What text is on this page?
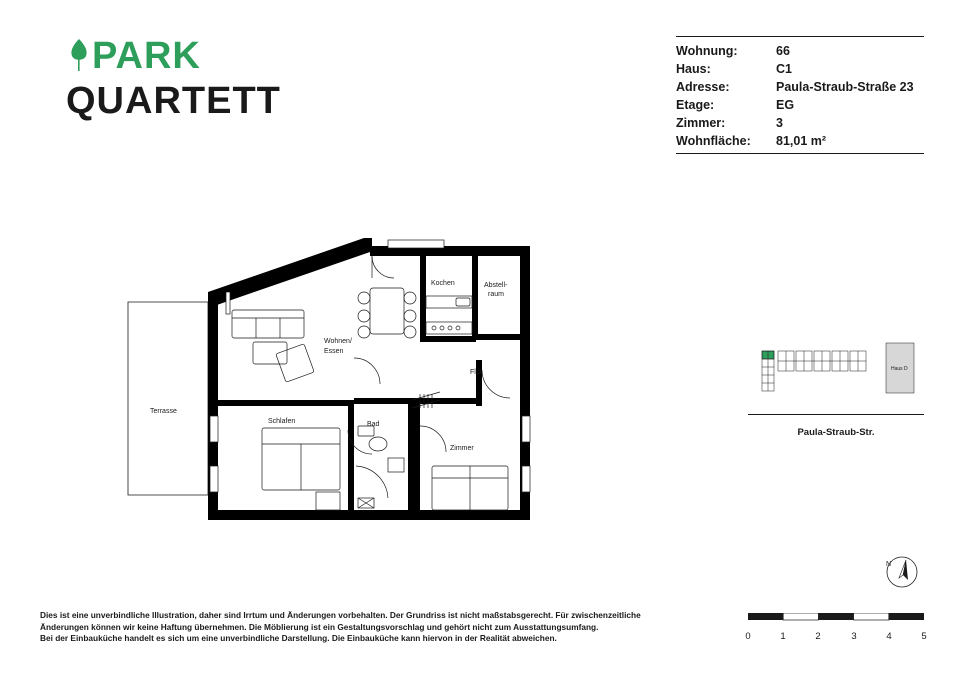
PARK
QUARTETT
Wohnung:	66
Haus:	C1
Adresse:	Paula-Straub-Straße 23
Etage:	EG
Zimmer:	3
Wohnfläche:	81,01 m²
Terrasse
Wohnen/
Essen
Kochen	Abstell-
raum
Flur
Schlafen	Bad
Zimmer
Haus D
Paula-Straub-Str.
N
0	1	2	3	4	5
Dies ist eine unverbindliche Illustration, daher sind Irrtum und Änderungen vorbehalten. Der Grundriss ist nicht maßstabsgerecht. Für zwischenzeitliche
Änderungen können wir keine Haftung übernehmen. Die Möblierung ist ein Gestaltungsvorschlag und gehört nicht zum Ausstattungsumfang.
Bei der Einbauküche handelt es sich um eine unverbindliche Darstellung. Die Einbauküche kann hiervon in der Realität abweichen.
